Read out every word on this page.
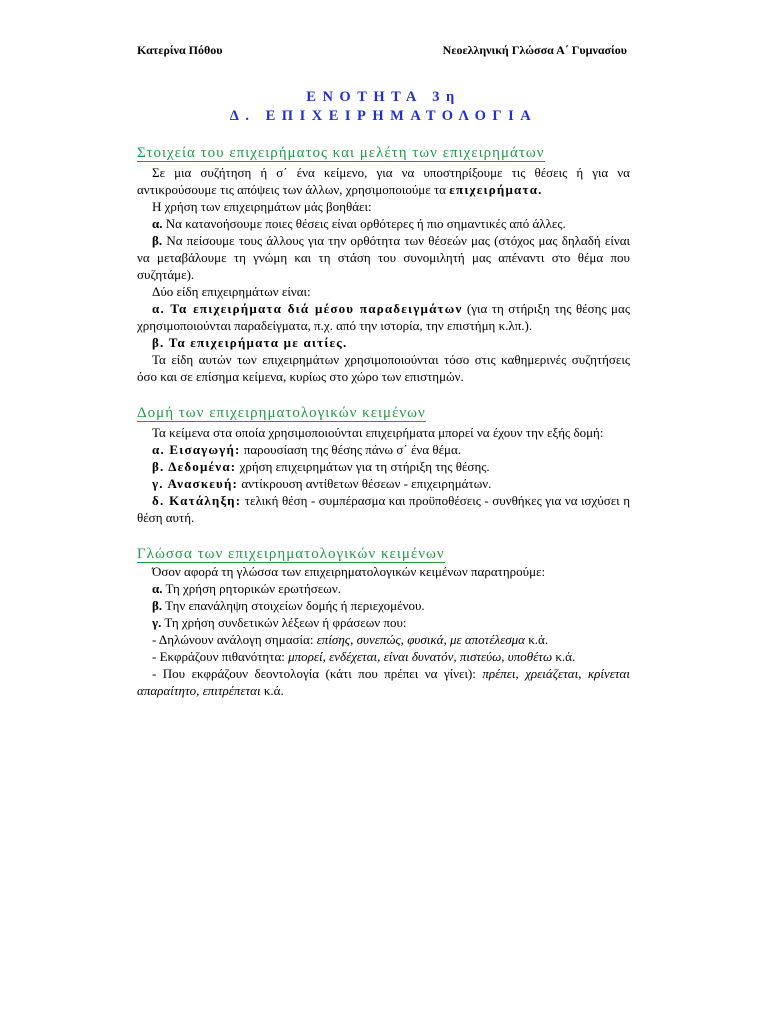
Κατερίνα Πόθου	Νεοελληνική Γλώσσα Α΄ Γυμνασίου

ΕΝΟΤΗΤΑ 3η

Δ. ΕΠΙΧΕΙΡΗΜΑΤΟΛΟΓΙΑ

Στοιχεία του επιχειρήματος και μελέτη των επιχειρημάτων

Σε μια συζήτηση ή σ΄ ένα κείμενο, για να υποστηρίξουμε τις θέσεις ή για να αντικρούσουμε τις απόψεις των άλλων, χρησιμοποιούμε τα επιχειρήματα.

Η χρήση των επιχειρημάτων μάς βοηθάει:

α. Να κατανοήσουμε ποιες θέσεις είναι ορθότερες ή πιο σημαντικές από άλλες.

β. Να πείσουμε τους άλλους για την ορθότητα των θέσεών μας (στόχος μας δηλαδή είναι να μεταβάλουμε τη γνώμη και τη στάση του συνομιλητή μας απέναντι στο θέμα που συζητάμε).

Δύο είδη επιχειρημάτων είναι:

α. Τα επιχειρήματα διά μέσου παραδειγμάτων (για τη στήριξη της θέσης μας χρησιμοποιούνται παραδείγματα, π.χ. από την ιστορία, την επιστήμη κ.λπ.).

β. Τα επιχειρήματα με αιτίες.

Τα είδη αυτών των επιχειρημάτων χρησιμοποιούνται τόσο στις καθημερινές συζητήσεις όσο και σε επίσημα κείμενα, κυρίως στο χώρο των επιστημών.

Δομή των επιχειρηματολογικών κειμένων

Τα κείμενα στα οποία χρησιμοποιούνται επιχειρήματα μπορεί να έχουν την εξής δομή:

α. Εισαγωγή: παρουσίαση της θέσης πάνω σ΄ ένα θέμα.

β. Δεδομένα: χρήση επιχειρημάτων για τη στήριξη της θέσης.

γ. Ανασκευή: αντίκρουση αντίθετων θέσεων - επιχειρημάτων.

δ. Κατάληξη: τελική θέση - συμπέρασμα και προϋποθέσεις - συνθήκες για να ισχύσει η θέση αυτή.

Γλώσσα των επιχειρηματολογικών κειμένων

Όσον αφορά τη γλώσσα των επιχειρηματολογικών κειμένων παρατηρούμε:

α. Τη χρήση ρητορικών ερωτήσεων.

β. Την επανάληψη στοιχείων δομής ή περιεχομένου.

γ. Τη χρήση συνδετικών λέξεων ή φράσεων που:

- Δηλώνουν ανάλογη σημασία: επίσης, συνεπώς, φυσικά, με αποτέλεσμα κ.ά.

- Εκφράζουν πιθανότητα: μπορεί, ενδέχεται, είναι δυνατόν, πιστεύω, υποθέτω κ.ά.

- Που εκφράζουν δεοντολογία (κάτι που πρέπει να γίνει): πρέπει, χρειάζεται, κρίνεται απαραίτητο, επιτρέπεται κ.ά.
